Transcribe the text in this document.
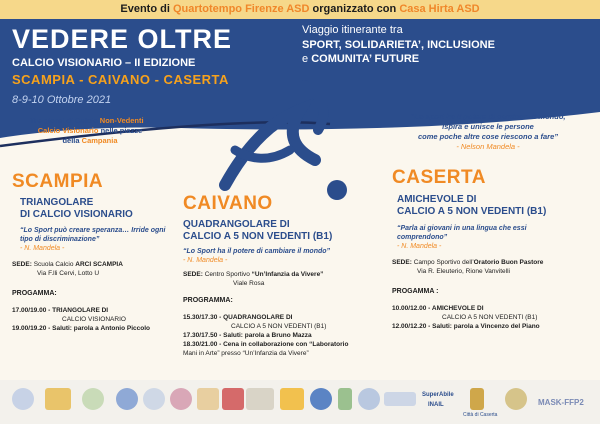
Evento di Quartotempo Firenze ASD organizzato con Casa Hirta ASD
VEDERE OLTRE
CALCIO VISIONARIO – II EDIZIONE
SCAMPIA - CAIVANO - CASERTA
8-9-10 Ottobre 2021
Viaggio itinerante tra
SPORT, SOLIDARIETA’, INCLUSIONE
e COMUNITA’ FUTURE
Tre giorni di Calcio Non-Vedenti e
Calcio Visionario nelle piazze
della Campania
“Lo sport ha il potere di cambiare il mondo,
ispira e unisce le persone
come poche altre cose riescono a fare”
- Nelson Mandela -
SCAMPIA
TRIANGOLARE
DI CALCIO VISIONARIO
“Lo Sport può creare speranza… Irride ogni tipo di discriminazione”
- N. Mandela -
SEDE: Scuola Calcio ARCI SCAMPIA
Via F.lli Cervi, Lotto U
PROGAMMA:
17.00/19.00 - TRIANGOLARE DI
CALCIO VISIONARIO
19.00/19.20 - Saluti: parola a Antonio Piccolo
CAIVANO
QUADRANGOLARE DI
CALCIO A 5 NON VEDENTI (B1)
“Lo Sport ha il potere di cambiare il mondo”
- N. Mandela -
SEDE: Centro Sportivo “Un’Infanzia da Vivere”
Viale Rosa
PROGRAMMA:
15.30/17.30 - QUADRANGOLARE DI
CALCIO A 5 NON VEDENTI (B1)
17.30/17.50 - Saluti: parola a Bruno Mazza
18.30/21.00 - Cena in collaborazione con “Laboratorio
Mani in Arte” presso “Un’Infanzia da Vivere”
CASERTA
AMICHEVOLE DI
CALCIO A 5 NON VEDENTI (B1)
“Parla ai giovani in una lingua che essi comprendono”
- N. Mandela -
SEDE: Campo Sportivo dell’Oratorio Buon Pastore
Via R. Eleuterio, Rione Vanvitelli
PROGAMMA :
10.00/12.00 - AMICHEVOLE DI
CALCIO A 5 NON VEDENTI (B1)
12.00/12.20 - Saluti: parola a Vincenzo del Piano
SuperAbile
INAIL
Città di Caserta
MASK-FFP2
